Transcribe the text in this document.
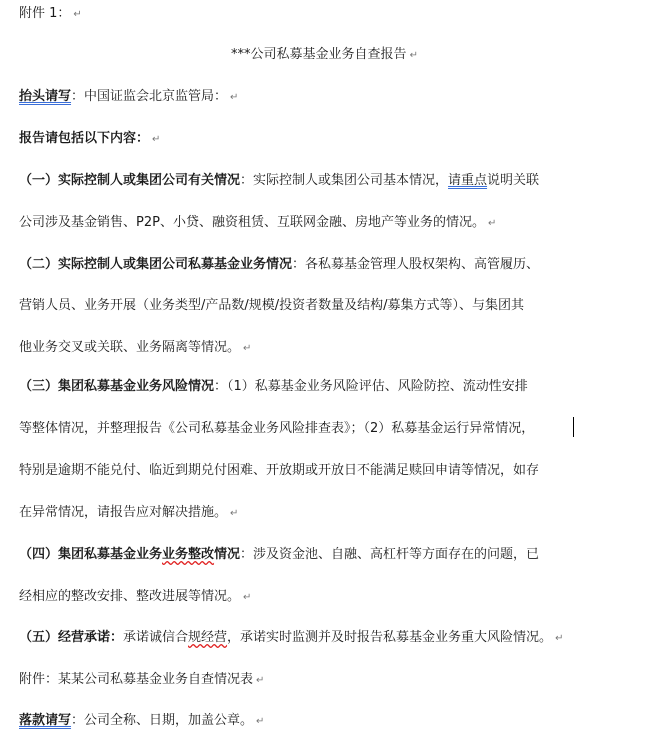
附件 1： ↵
***公司私募基金业务自查报告 ↵
抬头请写：中国证监会北京监管局： ↵
报告请包括以下内容： ↵
（一）实际控制人或集团公司有关情况：实际控制人或集团公司基本情况，请重点说明关联
公司涉及基金销售、P2P、小贷、融资租赁、互联网金融、房地产等业务的情况。 ↵
（二）实际控制人或集团公司私募基金业务情况：各私募基金管理人股权架构、高管履历、
营销人员、业务开展（业务类型/产品数/规模/投资者数量及结构/募集方式等）、与集团其
他业务交叉或关联、业务隔离等情况。 ↵
（三）集团私募基金业务风险情况：（1）私募基金业务风险评估、风险防控、流动性安排
等整体情况，并整理报告《公司私募基金业务风险排查表》；（2）私募基金运行异常情况，
特别是逾期不能兑付、临近到期兑付困难、开放期或开放日不能满足赎回申请等情况，如存
在异常情况，请报告应对解决措施。 ↵
（四）集团私募基金业务业务整改情况：涉及资金池、自融、高杠杆等方面存在的问题，已
经相应的整改安排、整改进展等情况。 ↵
（五）经营承诺：承诺诚信合规经营，承诺实时监测并及时报告私募基金业务重大风险情况。 ↵
附件：某某公司私募基金业务自查情况表 ↵
落款请写：公司全称、日期，加盖公章。 ↵
